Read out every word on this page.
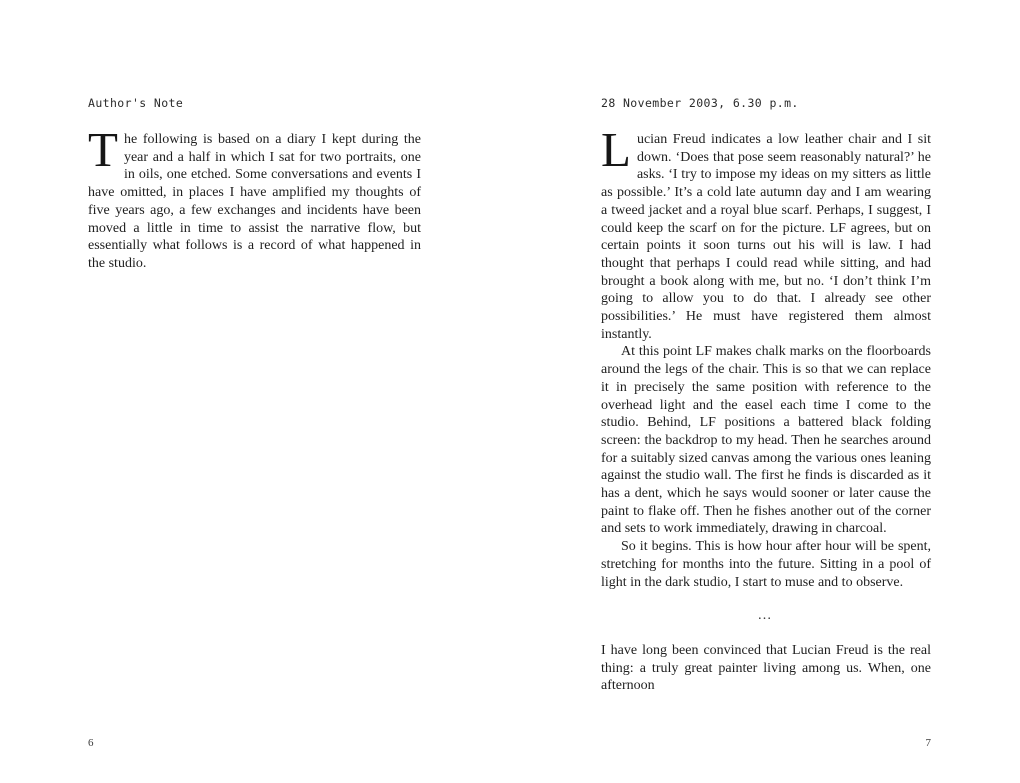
Author's Note

The following is based on a diary I kept during the year and a half in which I sat for two portraits, one in oils, one etched. Some conversations and events I have omitted, in places I have amplified my thoughts of five years ago, a few exchanges and incidents have been moved a little in time to assist the narrative flow, but essentially what follows is a record of what happened in the studio.

28 November 2003, 6.30 p.m.

Lucian Freud indicates a low leather chair and I sit down. ‘Does that pose seem reasonably natural?’ he asks. ‘I try to impose my ideas on my sitters as little as possible.’ It’s a cold late autumn day and I am wearing a tweed jacket and a royal blue scarf. Perhaps, I suggest, I could keep the scarf on for the picture. LF agrees, but on certain points it soon turns out his will is law. I had thought that perhaps I could read while sitting, and had brought a book along with me, but no. ‘I don’t think I’m going to allow you to do that. I already see other possibilities.’ He must have registered them almost instantly.

At this point LF makes chalk marks on the floorboards around the legs of the chair. This is so that we can replace it in precisely the same position with reference to the overhead light and the easel each time I come to the studio. Behind, LF positions a battered black folding screen: the backdrop to my head. Then he searches around for a suitably sized canvas among the various ones leaning against the studio wall. The first he finds is discarded as it has a dent, which he says would sooner or later cause the paint to flake off. Then he fishes another out of the corner and sets to work immediately, drawing in charcoal.

So it begins. This is how hour after hour will be spent, stretching for months into the future. Sitting in a pool of light in the dark studio, I start to muse and to observe.

…

I have long been convinced that Lucian Freud is the real thing: a truly great painter living among us. When, one afternoon

6	7
